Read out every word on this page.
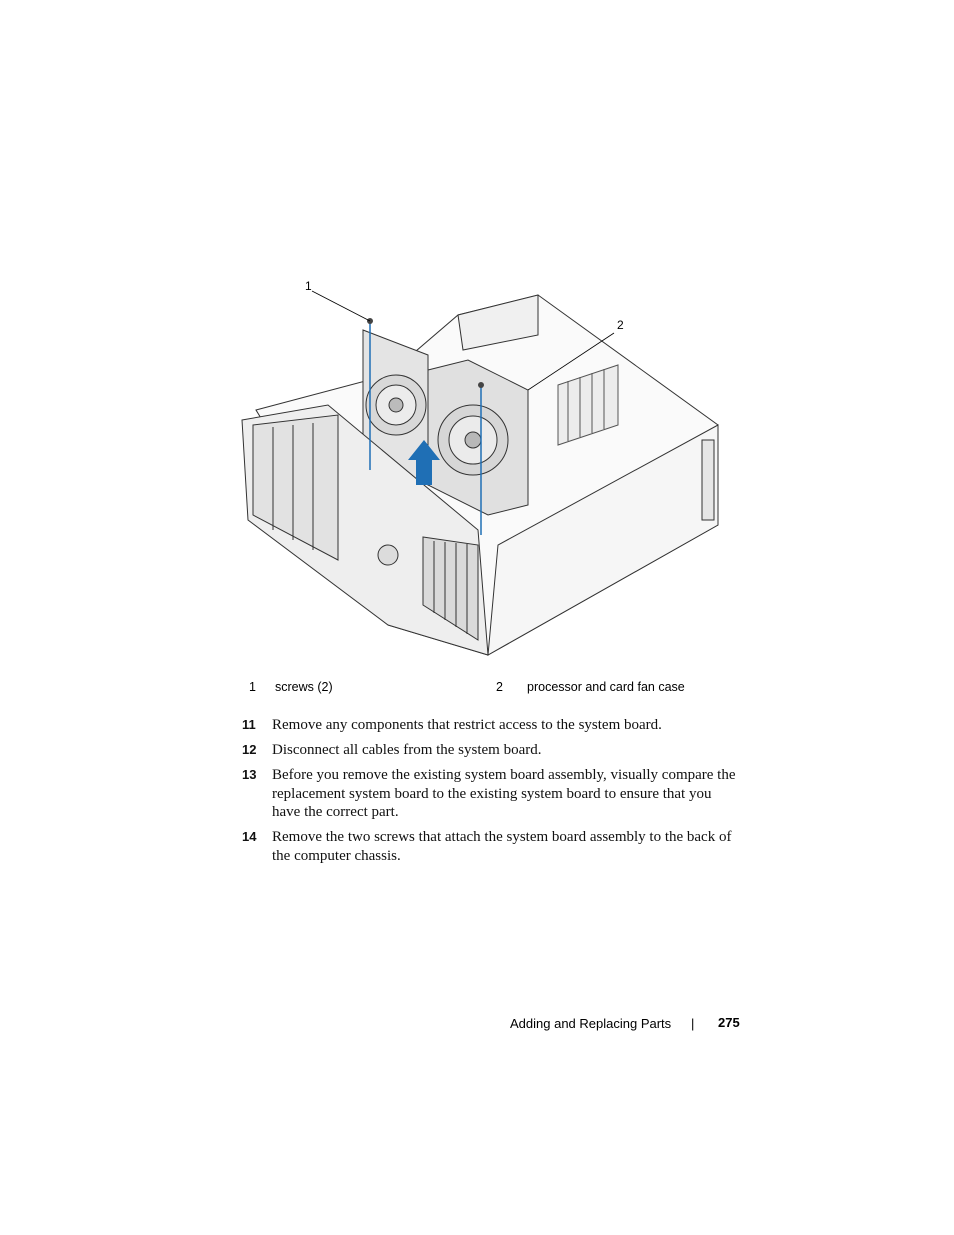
1
2
1 screws (2)	2 processor and card fan case
11 Remove any components that restrict access to the system board.
12 Disconnect all cables from the system board.
13 Before you remove the existing system board assembly, visually compare the replacement system board to the existing system board to ensure that you have the correct part.
14 Remove the two screws that attach the system board assembly to the back of the computer chassis.
Adding and Replacing Parts | 275
